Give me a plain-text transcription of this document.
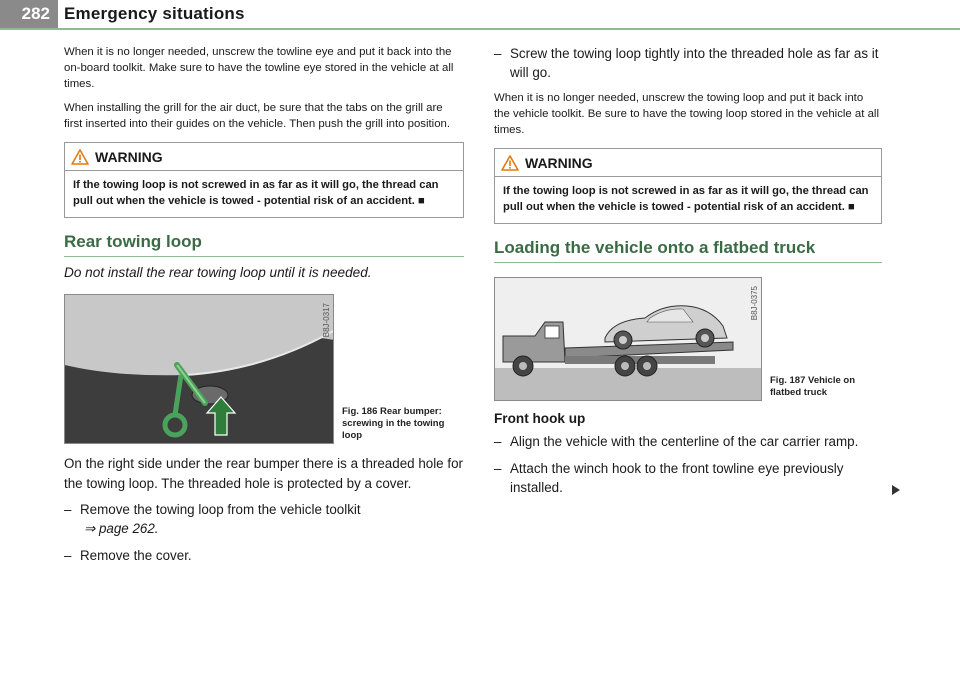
282 Emergency situations

When it is no longer needed, unscrew the towline eye and put it back into the on-board toolkit. Make sure to have the towline eye stored in the vehicle at all times.

When installing the grill for the air duct, be sure that the tabs on the grill are first inserted into their guides on the vehicle. Then push the grill into position.

WARNING
If the towing loop is not screwed in as far as it will go, the thread can pull out when the vehicle is towed - potential risk of an accident. ■
Rear towing loop

Do not install the rear towing loop until it is needed.

B8J-0317
Fig. 186 Rear bumper: screwing in the towing loop

On the right side under the rear bumper there is a threaded hole for the towing loop. The threaded hole is protected by a cover.

– Remove the towing loop from the vehicle toolkit
⇒ page 262.
– Remove the cover.
– Screw the towing loop tightly into the threaded hole as far as it will go.

When it is no longer needed, unscrew the towing loop and put it back into the vehicle toolkit. Be sure to have the towing loop stored in the vehicle at all times.

WARNING
If the towing loop is not screwed in as far as it will go, the thread can pull out when the vehicle is towed - potential risk of an accident. ■
Loading the vehicle onto a flatbed truck
B8J-0375
Fig. 187 Vehicle on flatbed truck
Front hook up
– Align the vehicle with the centerline of the car carrier ramp.
– Attach the winch hook to the front towline eye previously installed.
